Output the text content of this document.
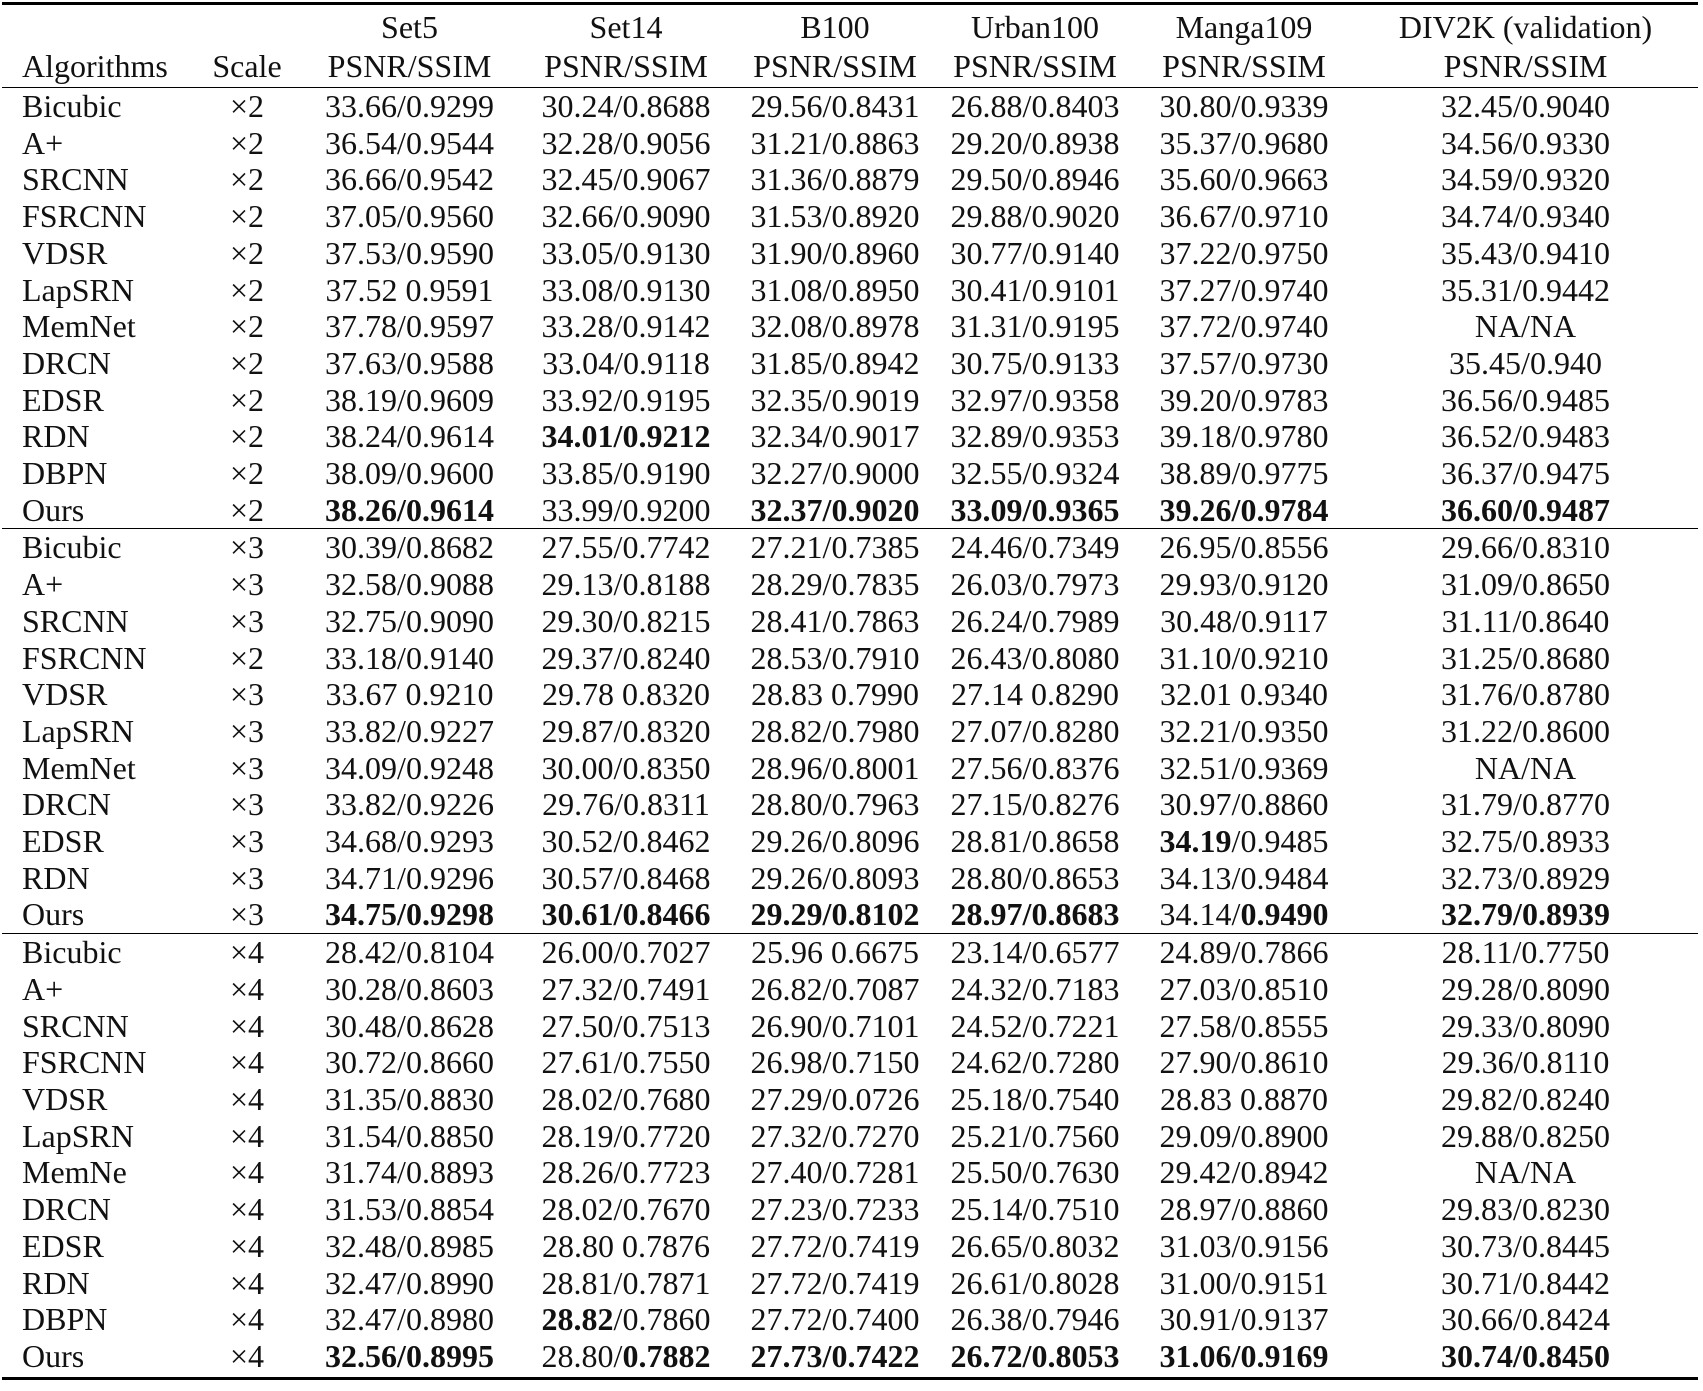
		Set5	Set14	B100	Urban100	Manga109	DIV2K (validation)
Algorithms	Scale	PSNR/SSIM	PSNR/SSIM	PSNR/SSIM	PSNR/SSIM	PSNR/SSIM	PSNR/SSIM
Bicubic	×2	33.66/0.9299	30.24/0.8688	29.56/0.8431	26.88/0.8403	30.80/0.9339	32.45/0.9040
A+	×2	36.54/0.9544	32.28/0.9056	31.21/0.8863	29.20/0.8938	35.37/0.9680	34.56/0.9330
SRCNN	×2	36.66/0.9542	32.45/0.9067	31.36/0.8879	29.50/0.8946	35.60/0.9663	34.59/0.9320
FSRCNN	×2	37.05/0.9560	32.66/0.9090	31.53/0.8920	29.88/0.9020	36.67/0.9710	34.74/0.9340
VDSR	×2	37.53/0.9590	33.05/0.9130	31.90/0.8960	30.77/0.9140	37.22/0.9750	35.43/0.9410
LapSRN	×2	37.52 0.9591	33.08/0.9130	31.08/0.8950	30.41/0.9101	37.27/0.9740	35.31/0.9442
MemNet	×2	37.78/0.9597	33.28/0.9142	32.08/0.8978	31.31/0.9195	37.72/0.9740	NA/NA
DRCN	×2	37.63/0.9588	33.04/0.9118	31.85/0.8942	30.75/0.9133	37.57/0.9730	35.45/0.940
EDSR	×2	38.19/0.9609	33.92/0.9195	32.35/0.9019	32.97/0.9358	39.20/0.9783	36.56/0.9485
RDN	×2	38.24/0.9614	34.01/0.9212	32.34/0.9017	32.89/0.9353	39.18/0.9780	36.52/0.9483
DBPN	×2	38.09/0.9600	33.85/0.9190	32.27/0.9000	32.55/0.9324	38.89/0.9775	36.37/0.9475
Ours	×2	38.26/0.9614	33.99/0.9200	32.37/0.9020	33.09/0.9365	39.26/0.9784	36.60/0.9487
Bicubic	×3	30.39/0.8682	27.55/0.7742	27.21/0.7385	24.46/0.7349	26.95/0.8556	29.66/0.8310
A+	×3	32.58/0.9088	29.13/0.8188	28.29/0.7835	26.03/0.7973	29.93/0.9120	31.09/0.8650
SRCNN	×3	32.75/0.9090	29.30/0.8215	28.41/0.7863	26.24/0.7989	30.48/0.9117	31.11/0.8640
FSRCNN	×2	33.18/0.9140	29.37/0.8240	28.53/0.7910	26.43/0.8080	31.10/0.9210	31.25/0.8680
VDSR	×3	33.67 0.9210	29.78 0.8320	28.83 0.7990	27.14 0.8290	32.01 0.9340	31.76/0.8780
LapSRN	×3	33.82/0.9227	29.87/0.8320	28.82/0.7980	27.07/0.8280	32.21/0.9350	31.22/0.8600
MemNet	×3	34.09/0.9248	30.00/0.8350	28.96/0.8001	27.56/0.8376	32.51/0.9369	NA/NA
DRCN	×3	33.82/0.9226	29.76/0.8311	28.80/0.7963	27.15/0.8276	30.97/0.8860	31.79/0.8770
EDSR	×3	34.68/0.9293	30.52/0.8462	29.26/0.8096	28.81/0.8658	34.19/0.9485	32.75/0.8933
RDN	×3	34.71/0.9296	30.57/0.8468	29.26/0.8093	28.80/0.8653	34.13/0.9484	32.73/0.8929
Ours	×3	34.75/0.9298	30.61/0.8466	29.29/0.8102	28.97/0.8683	34.14/0.9490	32.79/0.8939
Bicubic	×4	28.42/0.8104	26.00/0.7027	25.96 0.6675	23.14/0.6577	24.89/0.7866	28.11/0.7750
A+	×4	30.28/0.8603	27.32/0.7491	26.82/0.7087	24.32/0.7183	27.03/0.8510	29.28/0.8090
SRCNN	×4	30.48/0.8628	27.50/0.7513	26.90/0.7101	24.52/0.7221	27.58/0.8555	29.33/0.8090
FSRCNN	×4	30.72/0.8660	27.61/0.7550	26.98/0.7150	24.62/0.7280	27.90/0.8610	29.36/0.8110
VDSR	×4	31.35/0.8830	28.02/0.7680	27.29/0.0726	25.18/0.7540	28.83 0.8870	29.82/0.8240
LapSRN	×4	31.54/0.8850	28.19/0.7720	27.32/0.7270	25.21/0.7560	29.09/0.8900	29.88/0.8250
MemNe	×4	31.74/0.8893	28.26/0.7723	27.40/0.7281	25.50/0.7630	29.42/0.8942	NA/NA
DRCN	×4	31.53/0.8854	28.02/0.7670	27.23/0.7233	25.14/0.7510	28.97/0.8860	29.83/0.8230
EDSR	×4	32.48/0.8985	28.80 0.7876	27.72/0.7419	26.65/0.8032	31.03/0.9156	30.73/0.8445
RDN	×4	32.47/0.8990	28.81/0.7871	27.72/0.7419	26.61/0.8028	31.00/0.9151	30.71/0.8442
DBPN	×4	32.47/0.8980	28.82/0.7860	27.72/0.7400	26.38/0.7946	30.91/0.9137	30.66/0.8424
Ours	×4	32.56/0.8995	28.80/0.7882	27.73/0.7422	26.72/0.8053	31.06/0.9169	30.74/0.8450
